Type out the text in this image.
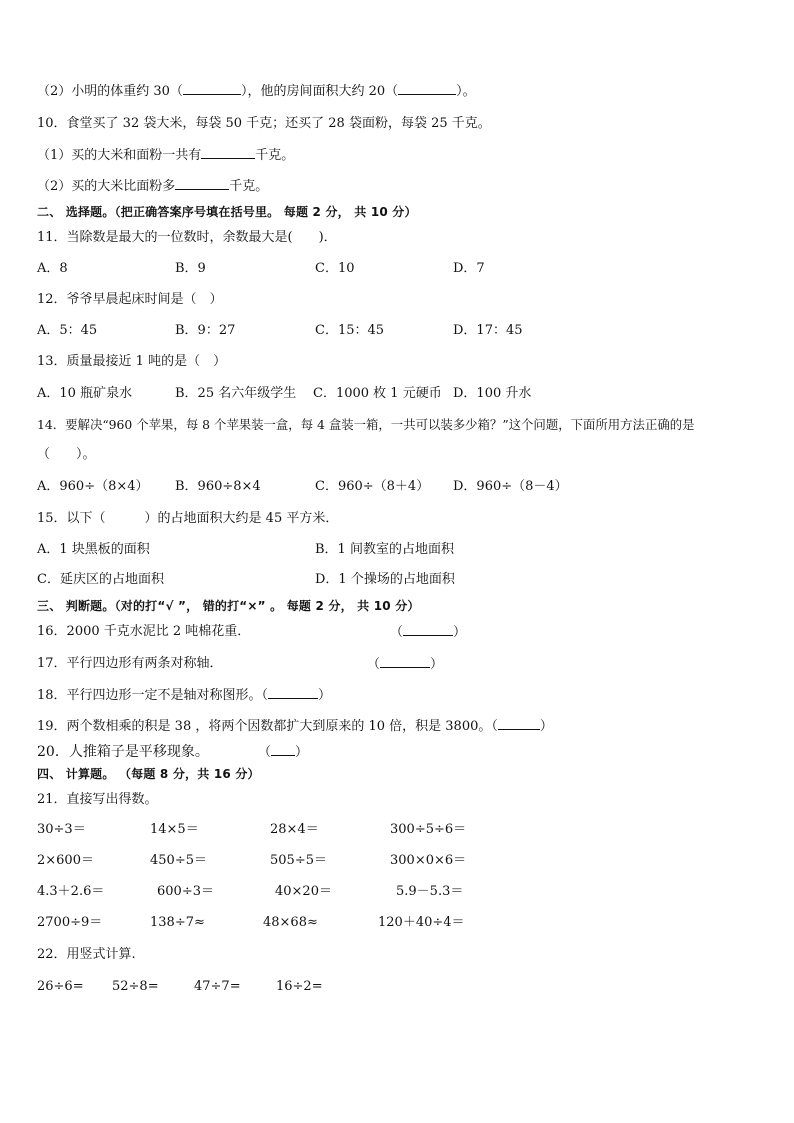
（2）小明的体重约 30（	），他的房间面积大约 20（	）。
10．食堂买了 32 袋大米，每袋 50 千克；还买了 28 袋面粉，每袋 25 千克。
（1）买的大米和面粉一共有	千克。
（2）买的大米比面粉多	千克。
二、 选择题。（把正确答案序号填在括号里。 每题 2 分， 共 10 分）
11．当除数是最大的一位数时，余数最大是(　　)．
A．8	B．9	C．10	D．7
12．爷爷早晨起床时间是（　）
A．5：45	B．9：27	C．15：45	D．17：45
13．质量最接近 1 吨的是（　）
A．10 瓶矿泉水	B．25 名六年级学生 C．1000 枚 1 元硬币 D．100 升水
14．要解决“960 个苹果，每 8 个苹果装一盒，每 4 盒装一箱，一共可以装多少箱？”这个问题，下面所用方法正确的是
（　　）。
A．960÷（8×4） B．960÷8×4	C．960÷（8＋4） D．960÷（8－4）
15．以下（　　　）的占地面积大约是 45 平方米．
A．1 块黑板的面积	B．1 间教室的占地面积
C．延庆区的占地面积	D．1 个操场的占地面积
三、 判断题。（对的打“√ ”， 错的打“×” 。 每题 2 分， 共 10 分）
16．2000 千克水泥比 2 吨棉花重．	（	）
17．平行四边形有两条对称轴．	（	）
18．平行四边形一定不是轴对称图形。（	）
19．两个数相乘的积是 38 ，将两个因数都扩大到原来的 10 倍，积是 3800。（	）
20．人推箱子是平移现象。	（ ）
四、 计算题。 （每题 8 分，共 16 分）
21．直接写出得数。
30÷3＝	14×5＝	28×4＝	300÷5÷6＝
2×600＝	450÷5＝	505÷5＝	300×0×6＝
4.3＋2.6＝	600÷3＝	40×20＝	5.9－5.3＝
2700÷9＝	138÷7≈	48×68≈	120＋40÷4＝
22．用竖式计算.
26÷6= 52÷8=	47÷7=	16÷2=
